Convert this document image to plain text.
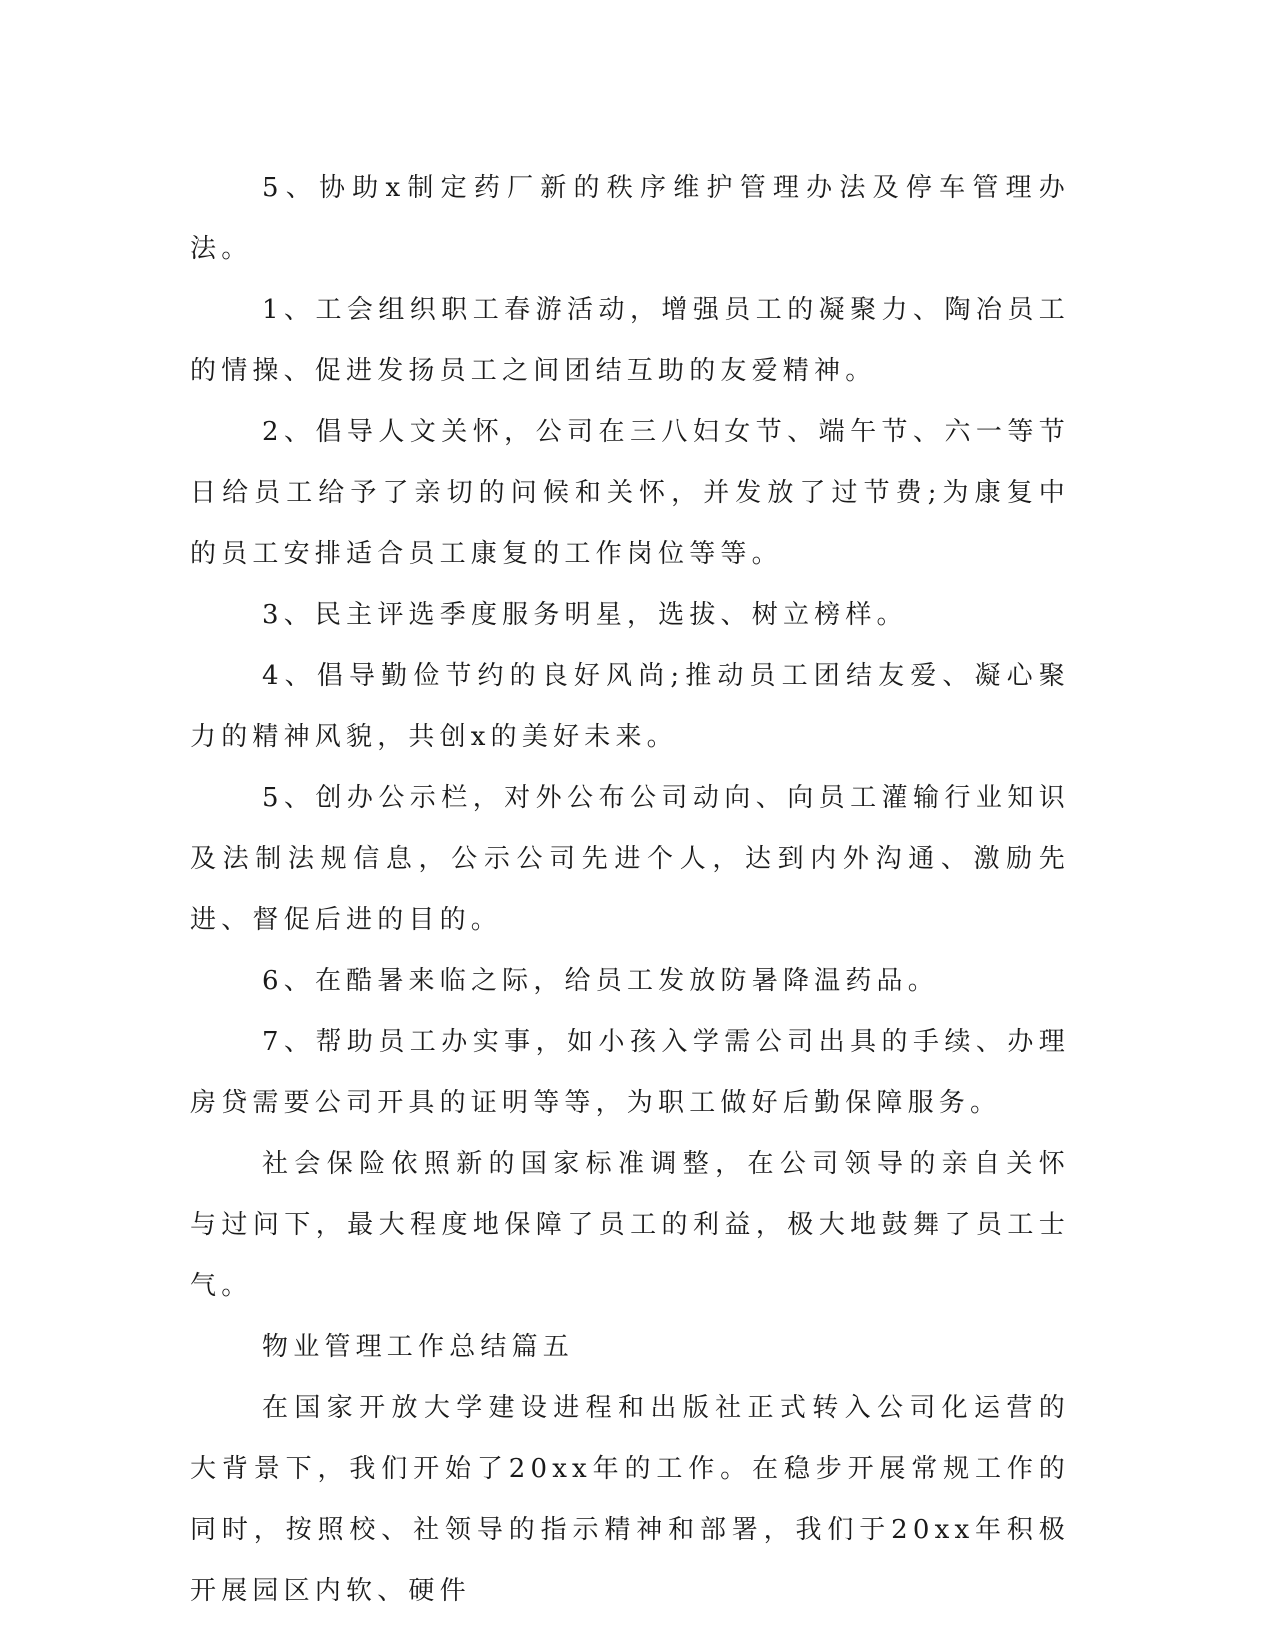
5、协助x制定药厂新的秩序维护管理办法及停车管理办法。

1、工会组织职工春游活动，增强员工的凝聚力、陶冶员工的情操、促进发扬员工之间团结互助的友爱精神。

2、倡导人文关怀，公司在三八妇女节、端午节、六一等节日给员工给予了亲切的问候和关怀，并发放了过节费;为康复中的员工安排适合员工康复的工作岗位等等。

3、民主评选季度服务明星，选拔、树立榜样。

4、倡导勤俭节约的良好风尚;推动员工团结友爱、凝心聚力的精神风貌，共创x的美好未来。

5、创办公示栏，对外公布公司动向、向员工灌输行业知识及法制法规信息，公示公司先进个人，达到内外沟通、激励先进、督促后进的目的。

6、在酷暑来临之际，给员工发放防暑降温药品。

7、帮助员工办实事，如小孩入学需公司出具的手续、办理房贷需要公司开具的证明等等，为职工做好后勤保障服务。

社会保险依照新的国家标准调整，在公司领导的亲自关怀与过问下，最大程度地保障了员工的利益，极大地鼓舞了员工士气。

物业管理工作总结篇五

在国家开放大学建设进程和出版社正式转入公司化运营的大背景下，我们开始了20xx年的工作。在稳步开展常规工作的同时，按照校、社领导的指示精神和部署，我们于20xx年积极开展园区内软、硬件
